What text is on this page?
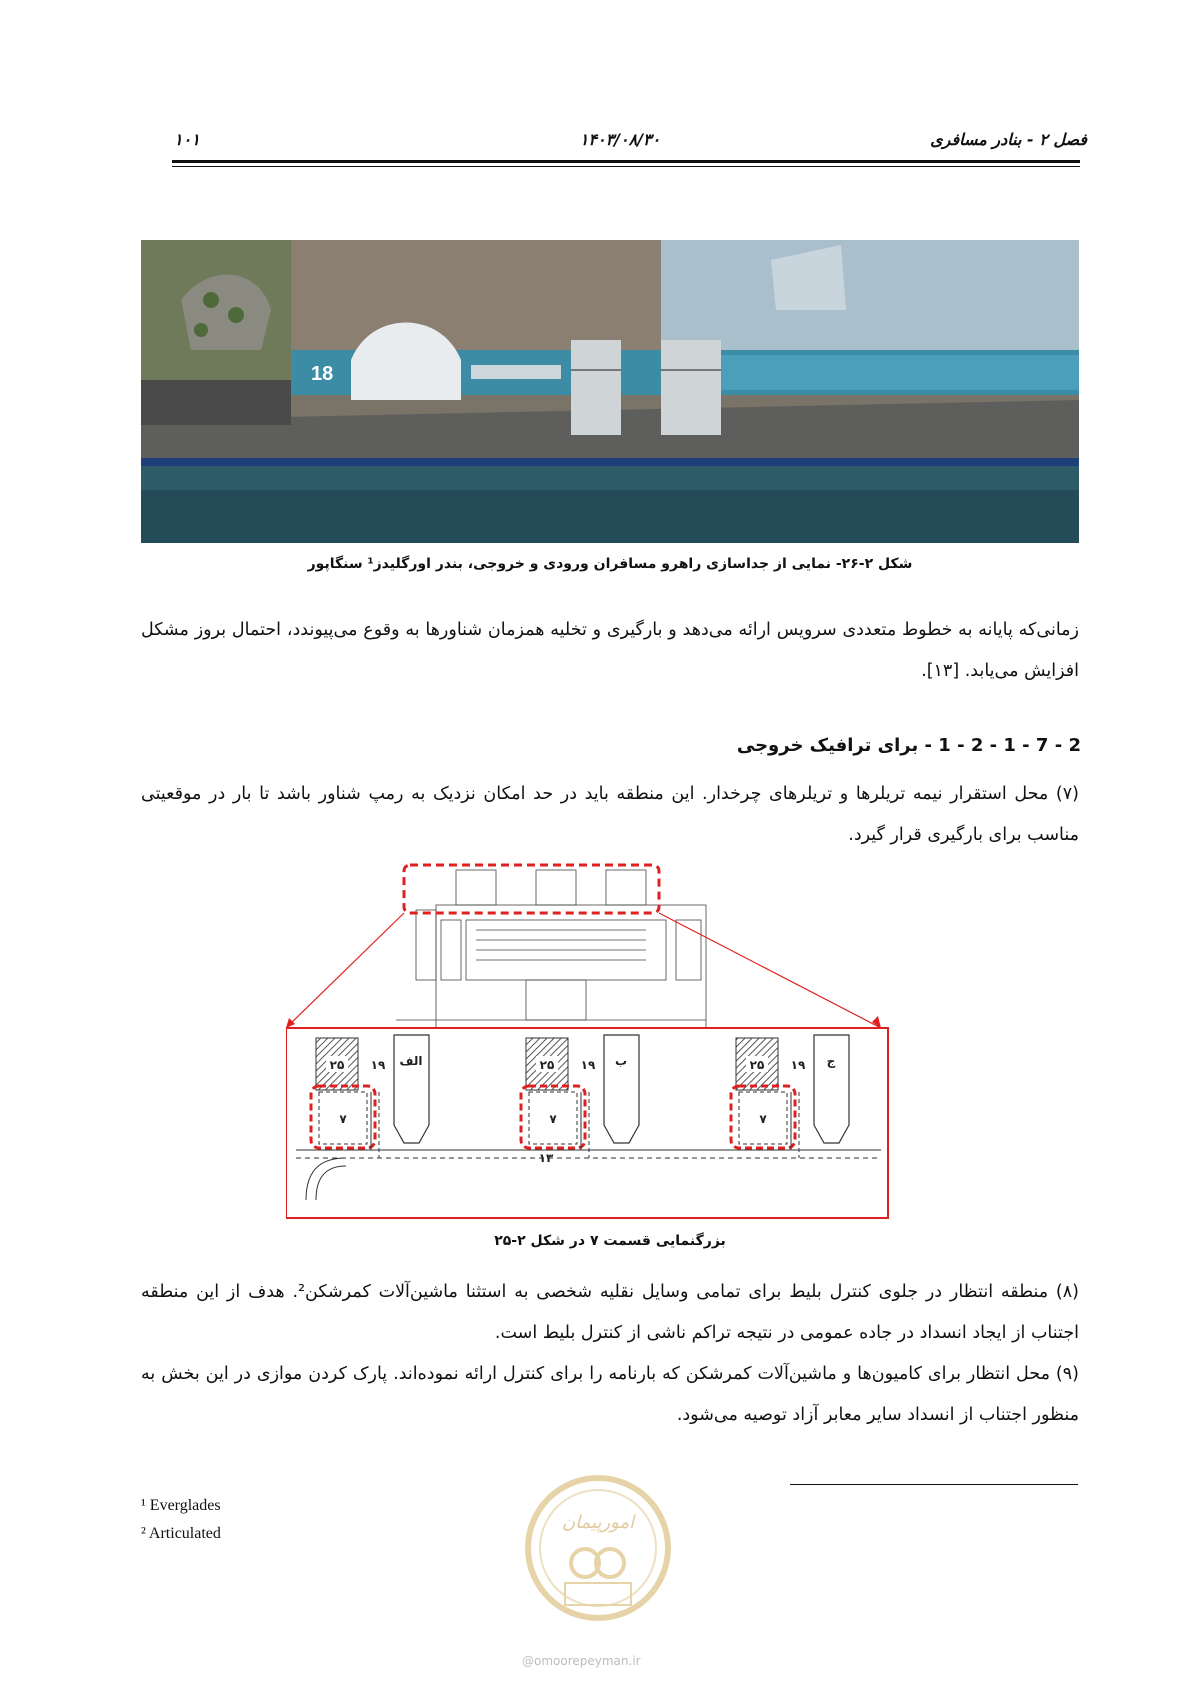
فصل ۲ - بنادر مسافری
۱۴۰۳/۰۸/۳۰
۱۰۱
18
شکل ۲-۲۶- نمایی از جداسازی راهرو مسافران ورودی و خروجی، بندر اورگلیدز¹ سنگاپور
زمانی‌که پایانه به خطوط متعددی سرویس ارائه می‌دهد و بارگیری و تخلیه همزمان شناورها به وقوع می‌پیوندد، احتمال بروز مشکل افزایش می‌یابد. [۱۳].
2 - 7 - 1 - 2 - 1 - برای ترافیک خروجی
(۷) محل استقرار نیمه تریلرها و تریلرهای چرخدار. این منطقه باید در حد امکان نزدیک به رمپ شناور باشد تا بار در موقعیتی مناسب برای بارگیری قرار گیرد.
۲۵ ۱۹ الف
۷
۲۵ ۱۹ ب
۷
۲۵ ۱۹ ج
۷
۱۳
بزرگنمایی قسمت ۷ در شکل ۲-۲۵
(۸) منطقه انتظار در جلوی کنترل بلیط برای تمامی وسایل نقلیه شخصی به استثنا ماشین‌آلات کمرشکن². هدف از این منطقه اجتناب از ایجاد انسداد در جاده عمومی در نتیجه تراکم ناشی از کنترل بلیط است.
(۹) محل انتظار برای کامیون‌ها و ماشین‌آلات کمرشکن که بارنامه را برای کنترل ارائه نموده‌اند. پارک کردن موازی در این بخش به منظور اجتناب از انسداد سایر معابر آزاد توصیه می‌شود.
¹ Everglades
² Articulated
امورپیمان
@omoorepeyman.ir
